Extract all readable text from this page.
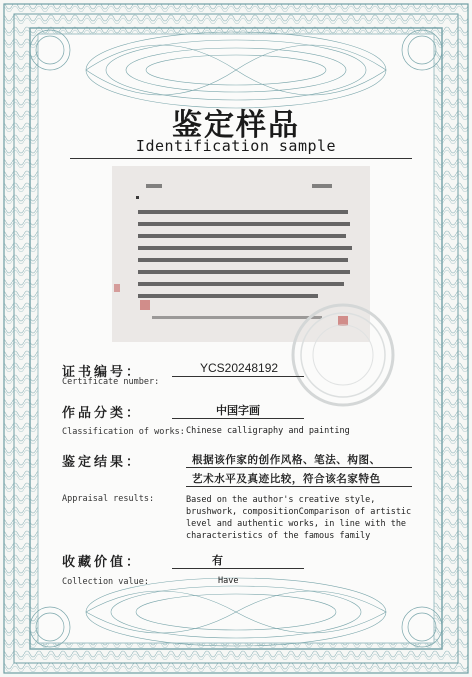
鉴定样品
Identification sample
证书编号：
Certificate number:
YCS20248192
作品分类：	中国字画
Classification of works: Chinese calligraphy and painting
鉴定结果：	根据该作家的创作风格、笔法、构图、
艺术水平及真迹比较，符合该名家特色
Appraisal results:	Based on the author's creative style,
brushwork, compositionComparison of artistic
level and authentic works, in line with the
characteristics of the famous family
收藏价值：	有
Collection value:	Have
